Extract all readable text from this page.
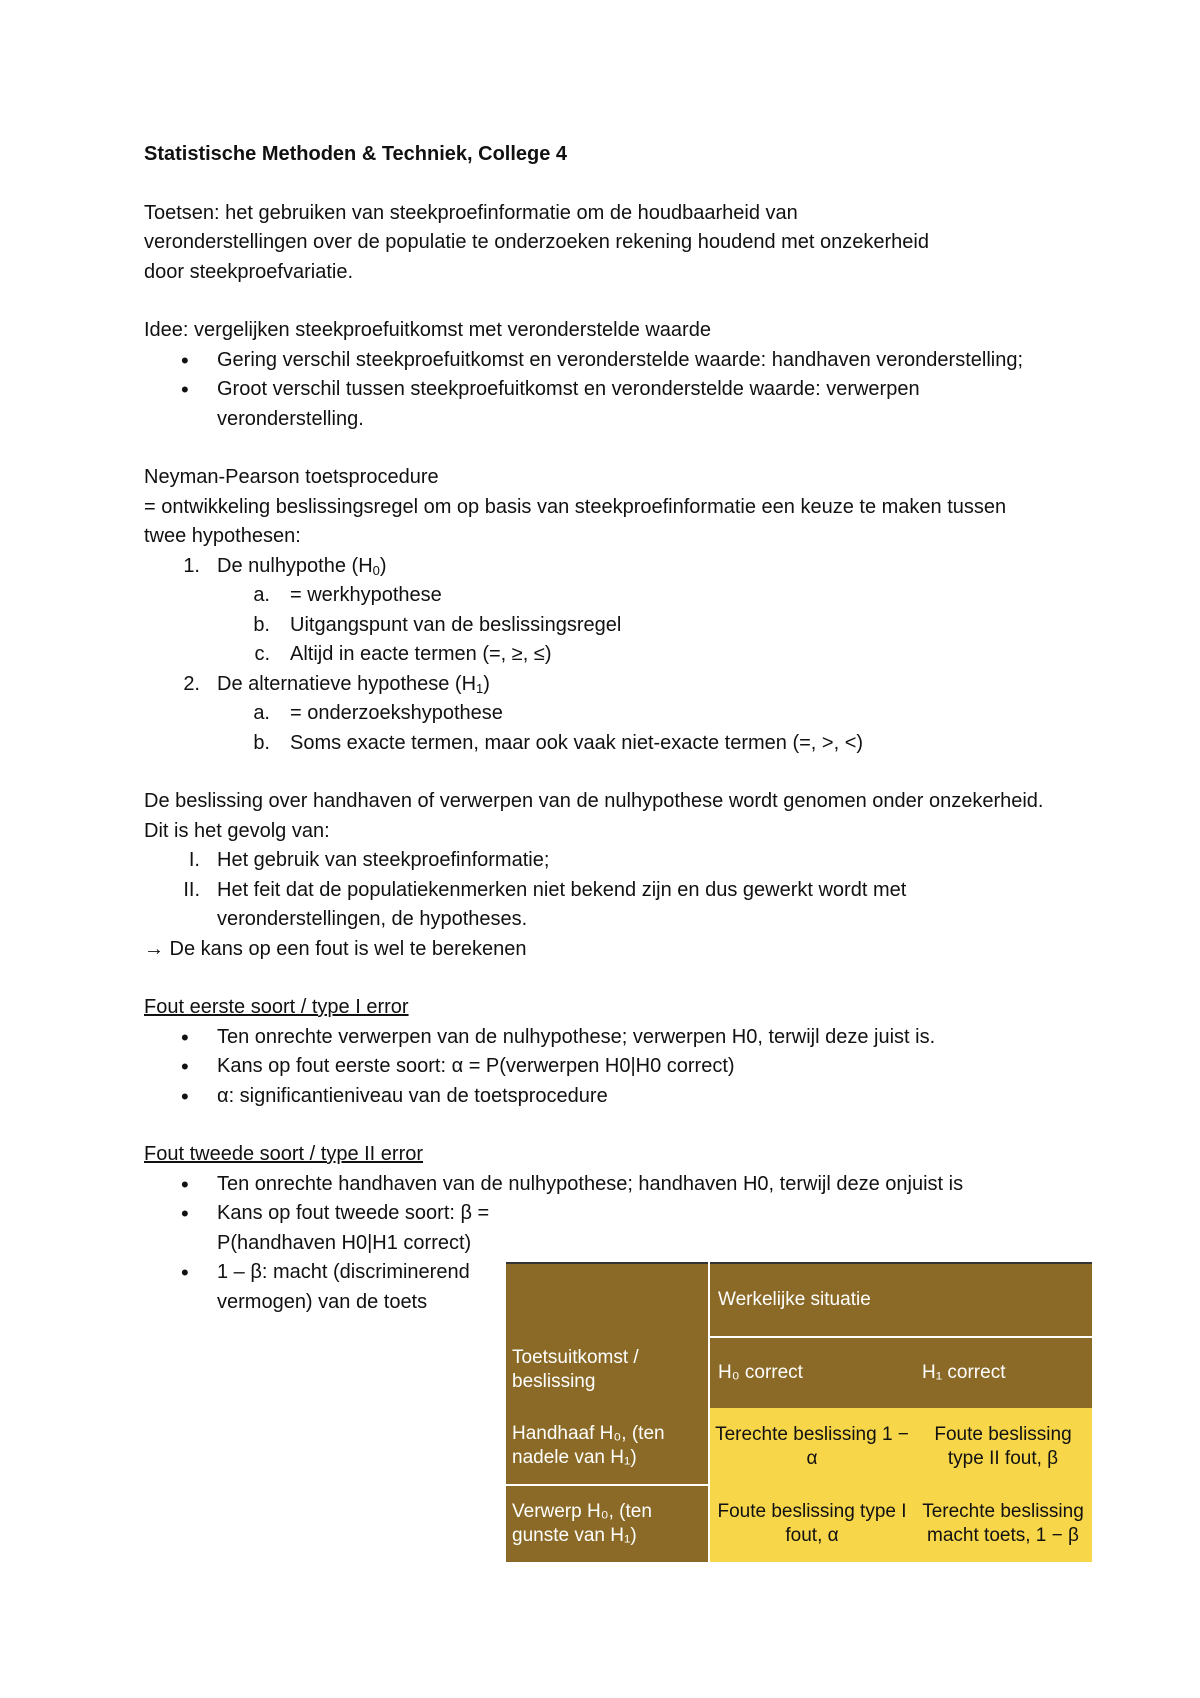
Statistische Methoden & Techniek, College 4

Toetsen: het gebruiken van steekproefinformatie om de houdbaarheid van

veronderstellingen over de populatie te onderzoeken rekening houdend met onzekerheid

door steekproefvariatie.

Idee: vergelijken steekproefuitkomst met veronderstelde waarde

• Gering verschil steekproefuitkomst en veronderstelde waarde: handhaven veronderstelling;
• Groot verschil tussen steekproefuitkomst en veronderstelde waarde: verwerpen veronderstelling.

Neyman-Pearson toetsprocedure

= ontwikkeling beslissingsregel om op basis van steekproefinformatie een keuze te maken tussen twee hypothesen:

1. De nulhypothe $(H_0)$
a. = werkhypothese
b. Uitgangspunt van de beslissingsregel
c. Altijd in eacte termen (=, ≥, ≤)
2. De alternatieve hypothese $(H_1)$
a. = onderzoekshypothese
b. Soms exacte termen, maar ook vaak niet-exacte termen (=, >, <)

De beslissing over handhaven of verwerpen van de nulhypothese wordt genomen onder onzekerheid. Dit is het gevolg van:

I. Het gebruik van steekproefinformatie;
II. Het feit dat de populatiekenmerken niet bekend zijn en dus gewerkt wordt met veronderstellingen, de hypotheses.

→ De kans op een fout is wel te berekenen

Fout eerste soort / type I error

• Ten onrechte verwerpen van de nulhypothese; verwerpen H0, terwijl deze juist is.
• Kans op fout eerste soort: α = P(verwerpen H0|H0 correct)
• α: significantieniveau van de toetsprocedure

Fout tweede soort / type II error

• Ten onrechte handhaven van de nulhypothese; handhaven H0, terwijl deze onjuist is
• Kans op fout tweede soort: β = P(handhaven H0|H1 correct)
• 1 – β: macht (discriminerend vermogen) van de toets
Toetsuitkomst / beslissing	Werkelijke situatie	
	H₀ correct	H₁ correct
Handhaaf H₀, (ten nadele van H₁)	Terechte beslissing 1 − α	Foute beslissing type II fout, β
Verwerp H₀, (ten gunste van H₁)	Foute beslissing type I fout, α	Terechte beslissing macht toets, 1 − β
